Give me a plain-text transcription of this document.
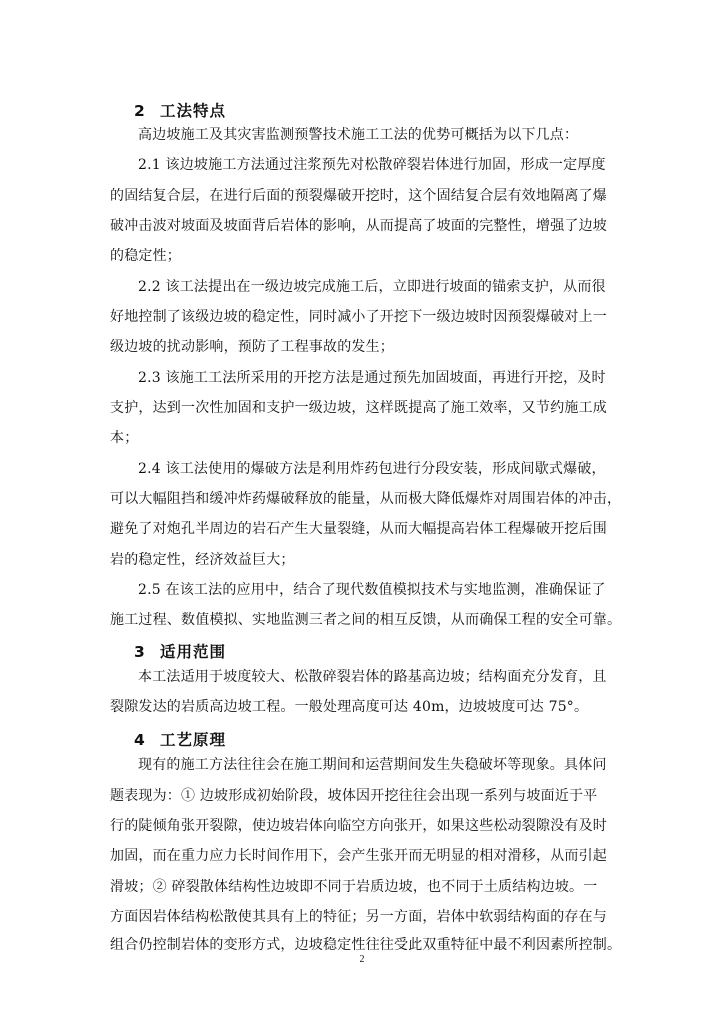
2 工法特点
高边坡施工及其灾害监测预警技术施工工法的优势可概括为以下几点：
2.1 该边坡施工方法通过注浆预先对松散碎裂岩体进行加固，形成一定厚度
的固结复合层，在进行后面的预裂爆破开挖时，这个固结复合层有效地隔离了爆
破冲击波对坡面及坡面背后岩体的影响，从而提高了坡面的完整性，增强了边坡
的稳定性；
2.2 该工法提出在一级边坡完成施工后，立即进行坡面的锚索支护，从而很
好地控制了该级边坡的稳定性，同时减小了开挖下一级边坡时因预裂爆破对上一
级边坡的扰动影响，预防了工程事故的发生；
2.3 该施工工法所采用的开挖方法是通过预先加固坡面，再进行开挖，及时
支护，达到一次性加固和支护一级边坡，这样既提高了施工效率，又节约施工成
本；
2.4 该工法使用的爆破方法是利用炸药包进行分段安装，形成间歇式爆破，
可以大幅阻挡和缓冲炸药爆破释放的能量，从而极大降低爆炸对周围岩体的冲击，
避免了对炮孔半周边的岩石产生大量裂缝，从而大幅提高岩体工程爆破开挖后围
岩的稳定性，经济效益巨大；
2.5 在该工法的应用中，结合了现代数值模拟技术与实地监测，准确保证了
施工过程、数值模拟、实地监测三者之间的相互反馈，从而确保工程的安全可靠。
3 适用范围
本工法适用于坡度较大、松散碎裂岩体的路基高边坡；结构面充分发育，且
裂隙发达的岩质高边坡工程。一般处理高度可达 40m，边坡坡度可达 75°。
4 工艺原理
现有的施工方法往往会在施工期间和运营期间发生失稳破坏等现象。具体问
题表现为：① 边坡形成初始阶段，坡体因开挖往往会出现一系列与坡面近于平
行的陡倾角张开裂隙，使边坡岩体向临空方向张开，如果这些松动裂隙没有及时
加固，而在重力应力长时间作用下，会产生张开而无明显的相对滑移，从而引起
滑坡；② 碎裂散体结构性边坡即不同于岩质边坡，也不同于土质结构边坡。一
方面因岩体结构松散使其具有上的特征；另一方面，岩体中软弱结构面的存在与
组合仍控制岩体的变形方式，边坡稳定性往往受此双重特征中最不利因素所控制。
2
